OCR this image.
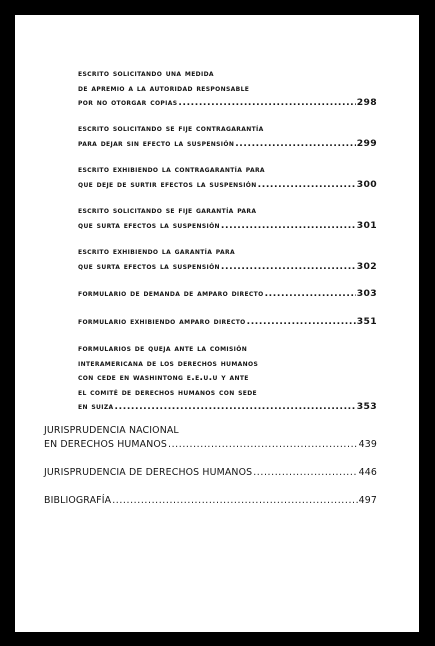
escrito solicitando una medida
de apremio a la autoridad responsable
por no otorgar copias .....	298
escrito solicitando se fije contragarantía
para dejar sin efecto la suspensión .....	299
escrito exhibiendo la contragarantía para
que deje de surtir efectos la suspensión .....	300
escrito solicitando se fije garantía para
que surta efectos la suspensión .....	301
escrito exhibiendo la garantía para
que surta efectos la suspensión .....	302
formulario de demanda de amparo directo .....	303
formulario exhibiendo amparo directo .....	351
formularios de queja ante la comisión
interamericana de los derechos humanos
con cede en washintong e.e.u.u y ante
el comité de derechos humanos con sede
en suiza .....	353
JURISPRUDENCIA NACIONAL
EN DERECHOS HUMANOS .....	439
JURISPRUDENCIA DE DERECHOS HUMANOS .....	446
BIBLIOGRAFÍA .....	497
